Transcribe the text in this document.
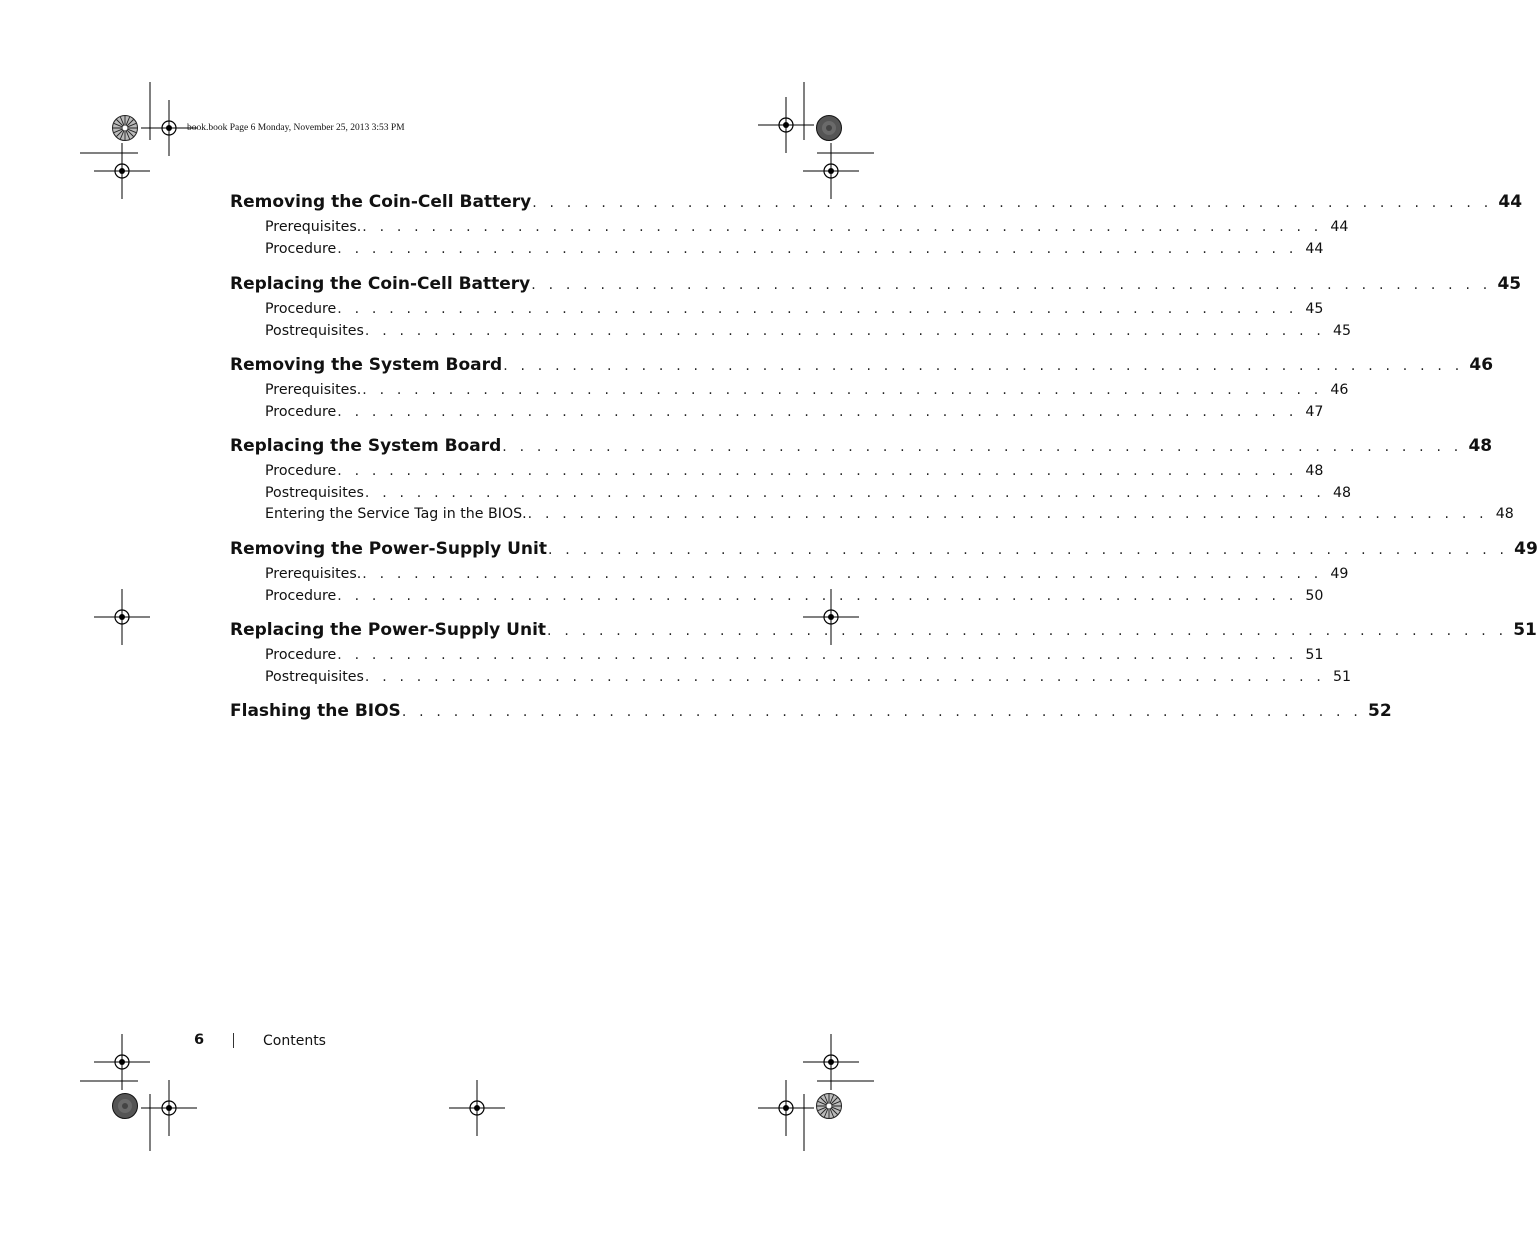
book.book Page 6 Monday, November 25, 2013 3:53 PM
Removing the Coin-Cell Battery . . . . . . . . . . . . . . . . . . . . . . . . . . . . . . . . . . . . . . . . . . . . . . . . . . . . . . . . 44
Prerequisites. . . . . . . . . . . . . . . . . . . . . . . . . . . . . . . . . . . . . . . . . . . . . . . . . . . . . . . . . 44
Procedure . . . . . . . . . . . . . . . . . . . . . . . . . . . . . . . . . . . . . . . . . . . . . . . . . . . . . . . . 44
Replacing the Coin-Cell Battery . . . . . . . . . . . . . . . . . . . . . . . . . . . . . . . . . . . . . . . . . . . . . . . . . . . . . . . . 45
Procedure . . . . . . . . . . . . . . . . . . . . . . . . . . . . . . . . . . . . . . . . . . . . . . . . . . . . . . . . 45
Postrequisites . . . . . . . . . . . . . . . . . . . . . . . . . . . . . . . . . . . . . . . . . . . . . . . . . . . . . . . . 45
Removing the System Board . . . . . . . . . . . . . . . . . . . . . . . . . . . . . . . . . . . . . . . . . . . . . . . . . . . . . . . . 46
Prerequisites. . . . . . . . . . . . . . . . . . . . . . . . . . . . . . . . . . . . . . . . . . . . . . . . . . . . . . . . . 46
Procedure . . . . . . . . . . . . . . . . . . . . . . . . . . . . . . . . . . . . . . . . . . . . . . . . . . . . . . . . 47
Replacing the System Board . . . . . . . . . . . . . . . . . . . . . . . . . . . . . . . . . . . . . . . . . . . . . . . . . . . . . . . . 48
Procedure . . . . . . . . . . . . . . . . . . . . . . . . . . . . . . . . . . . . . . . . . . . . . . . . . . . . . . . . 48
Postrequisites . . . . . . . . . . . . . . . . . . . . . . . . . . . . . . . . . . . . . . . . . . . . . . . . . . . . . . . . 48
Entering the Service Tag in the BIOS. . . . . . . . . . . . . . . . . . . . . . . . . . . . . . . . . . . . . . . . . . . . . . . . . . . . . . . . . 48
Removing the Power-Supply Unit . . . . . . . . . . . . . . . . . . . . . . . . . . . . . . . . . . . . . . . . . . . . . . . . . . . . . . . . 49
Prerequisites. . . . . . . . . . . . . . . . . . . . . . . . . . . . . . . . . . . . . . . . . . . . . . . . . . . . . . . . . 49
Procedure . . . . . . . . . . . . . . . . . . . . . . . . . . . . . . . . . . . . . . . . . . . . . . . . . . . . . . . . 50
Replacing the Power-Supply Unit . . . . . . . . . . . . . . . . . . . . . . . . . . . . . . . . . . . . . . . . . . . . . . . . . . . . . . . . 51
Procedure . . . . . . . . . . . . . . . . . . . . . . . . . . . . . . . . . . . . . . . . . . . . . . . . . . . . . . . . 51
Postrequisites . . . . . . . . . . . . . . . . . . . . . . . . . . . . . . . . . . . . . . . . . . . . . . . . . . . . . . . . 51
Flashing the BIOS . . . . . . . . . . . . . . . . . . . . . . . . . . . . . . . . . . . . . . . . . . . . . . . . . . . . . . . . 52
6	Contents
